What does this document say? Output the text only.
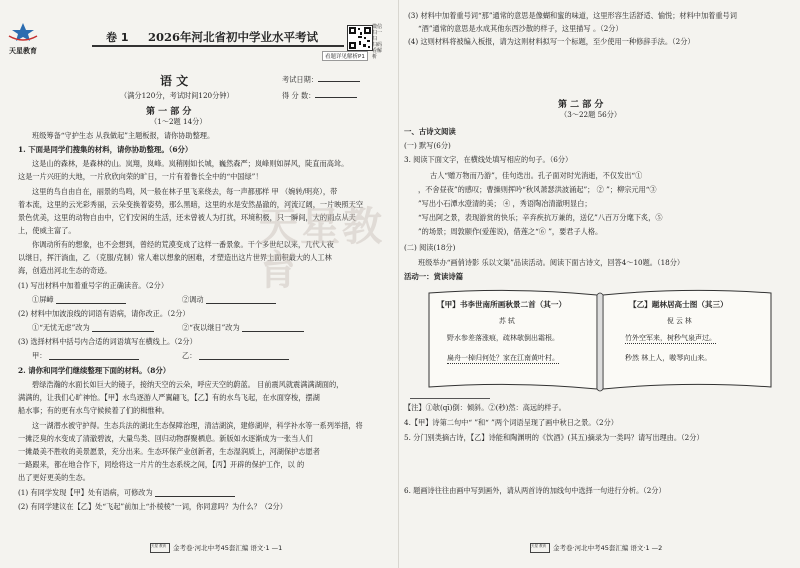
天星教育
卷 1 2026年河北省初中学业水平考试
微信扫一扫 扫码看解析
看题详见解析P1
语 文
（满分120分，考试时间120分钟）
第 一 部 分
（1～2题 14分）
考试日期：
得 分 数：
班级筹备“守护生态 从我做起”主题板报，请你协助整理。
1. 下面是同学们搜集的材料，请你协助整理。（6分）
这是山的森林，是森林的山。岚翔，岚峰。岚稍刚如长城，巍然森严；岚峰则如屏风，陡直而高耸。
这是一片兴旺的大地，一片欣欣向荣的旷日，一片有着鲁长全中的“中国绿”！
这里的鸟自由自在，丽景的鸟鸣，风一般在林子里飞来绕去，每一声都那样 甲 （婉转/明亮），带
着本流，这里的云光彩秀丽，云朵变换着姿势，那么黑暗，这里的水是安然晶澈的，河流辽阔，一片映照天空
景色优美，这里的动物自由中，它们安闲的生活，还未曾被人为打扰，环境积极，只一瞬间，大的雨点从天
上，使威主富了。
你调动所有的想象，也不会想到，曾经的荒漠变成了这样一番景象。干个多世纪以来，几代人夜
以继日，挥汗淌血，乙 （克服/克制）常人难以想象的困难，才塑造出这片世界上面积最大的人工林
海，创造出河北生态的奇迹。
(1) 写出材料中加着重号字的正确读音。（2分）
①屏嶂	②调动
(2) 材料中加波浪线的词语有语病，请你改正。（2分）
①“无忧无虑”改为	②“夜以继日”改为
(3) 选择材料中括号内合适的词语填写在横线上。（2分）
甲：	乙：
2. 请你和同学们继续整理下面的材料。（8分）
碧绿浩瀚的水面长如巨大的镜子，接纳天空的云朵，呼应天空的蔚蓝。 目前震风就震满满湖面的，
满满的，让我们心旷神怡。【甲】水鸟逐游人严翼翩飞，【乙】有的水鸟飞起，在水面穿梭，摆湖
船水事；有的更有水鸟守候候着了们的楫惟种。
这一湖潜水被守护得。生态兵法的湖北生态保障治理，清洁湖滨，建修湖岸，科学补水等一系列举措，将
一摊泛臭的水变成了清澈碧波，大量鸟类、回归动物群聚栖息。新版如水逐渐成为一张当人们
一摊最美不胜收的美景愿景，充分出来。生态环保产业创新者，生态湿润质上，河湖保护志愿者
一路跟来，都在地合作下，同绘将这一片片的生态系统之间，【丙】开辟的保护工作，以 的
出了更好更美的生态。
(1) 有同学发现【甲】处有语病，可修改为
(2) 有同学建议在【乙】处“飞起”前加上“扑棱棱”一词，你同意吗？为什么？（2分）
天星 教育 金考卷·河北中考45套汇编 语文·1 —1
(3) 材料中加着重号词“那”通常的意思是像蝴和蜜的味道，这里形容生活舒适、愉悦；材料中加着重号词
“酒”通常的意思是水成其他东西沙散的样子，这里描写 。（2分）
(4) 这则材料将被编入板报，请为这则材料拟写一个标题，至少使用一种修辞手法。（2分）
第 二 部 分
（3～22题 56分）
一、古诗文阅读
(一) 默写(6分)
3. 阅读下面文字，在横线处填写相应的句子。（6分）
古人“赠万物而乃游”，佳句迭出。孔子面对时光消逝，不仅发出“①
，不舍昼夜”的感叹；曹操则挥吟“秋风萧瑟洪波涌起”； ② ”；柳宗元用“③
”写出小石潭水澄清的美； ④ ，秀语陶冶清澈明显白；
“写出阿之景，表现游赏的快乐；辛弃疾抗万兼的，送亿”八百万分麾下炙，⑤
”的场景；周敦颐作(爱莲说)，借莲之“⑥ ”，要君子人格。
(二) 阅读(18分)
班级举办“画俏诗影 乐以文渠”品读活动。阅读下面古诗文，回答4～10题。（18分）
活动一：赏读诗篇
天星教育
【甲】书李世南所画秋景二首（其一）
苏 轼
野水参差落涨痕，疏林欹倒出霜根。
扁舟一棹归何处？家在江南黄叶村。
【乙】题林居高士图（其三）
倪 云 林
竹外空军来，树秒气泉声过。
秒然 林上人，嗷琴向山来。
【注】①欹(qī)倒：倾斜。②(秒)然：高远的样子。
4.【甲】诗第二句中“ ”和“ ”两个词语呈现了画中秋日之景。（2分）
5. 分门别类摘古诗，【乙】诗能和陶渊明的《饮酒》(其五)摘录为一类吗？请写出理由。（2分）
6. 题画诗往往由画中写到画外，请从两首诗的加线句中选择一句进行分析。（2分）
天星 教育 金考卷·河北中考45套汇编 语文·1 —2
